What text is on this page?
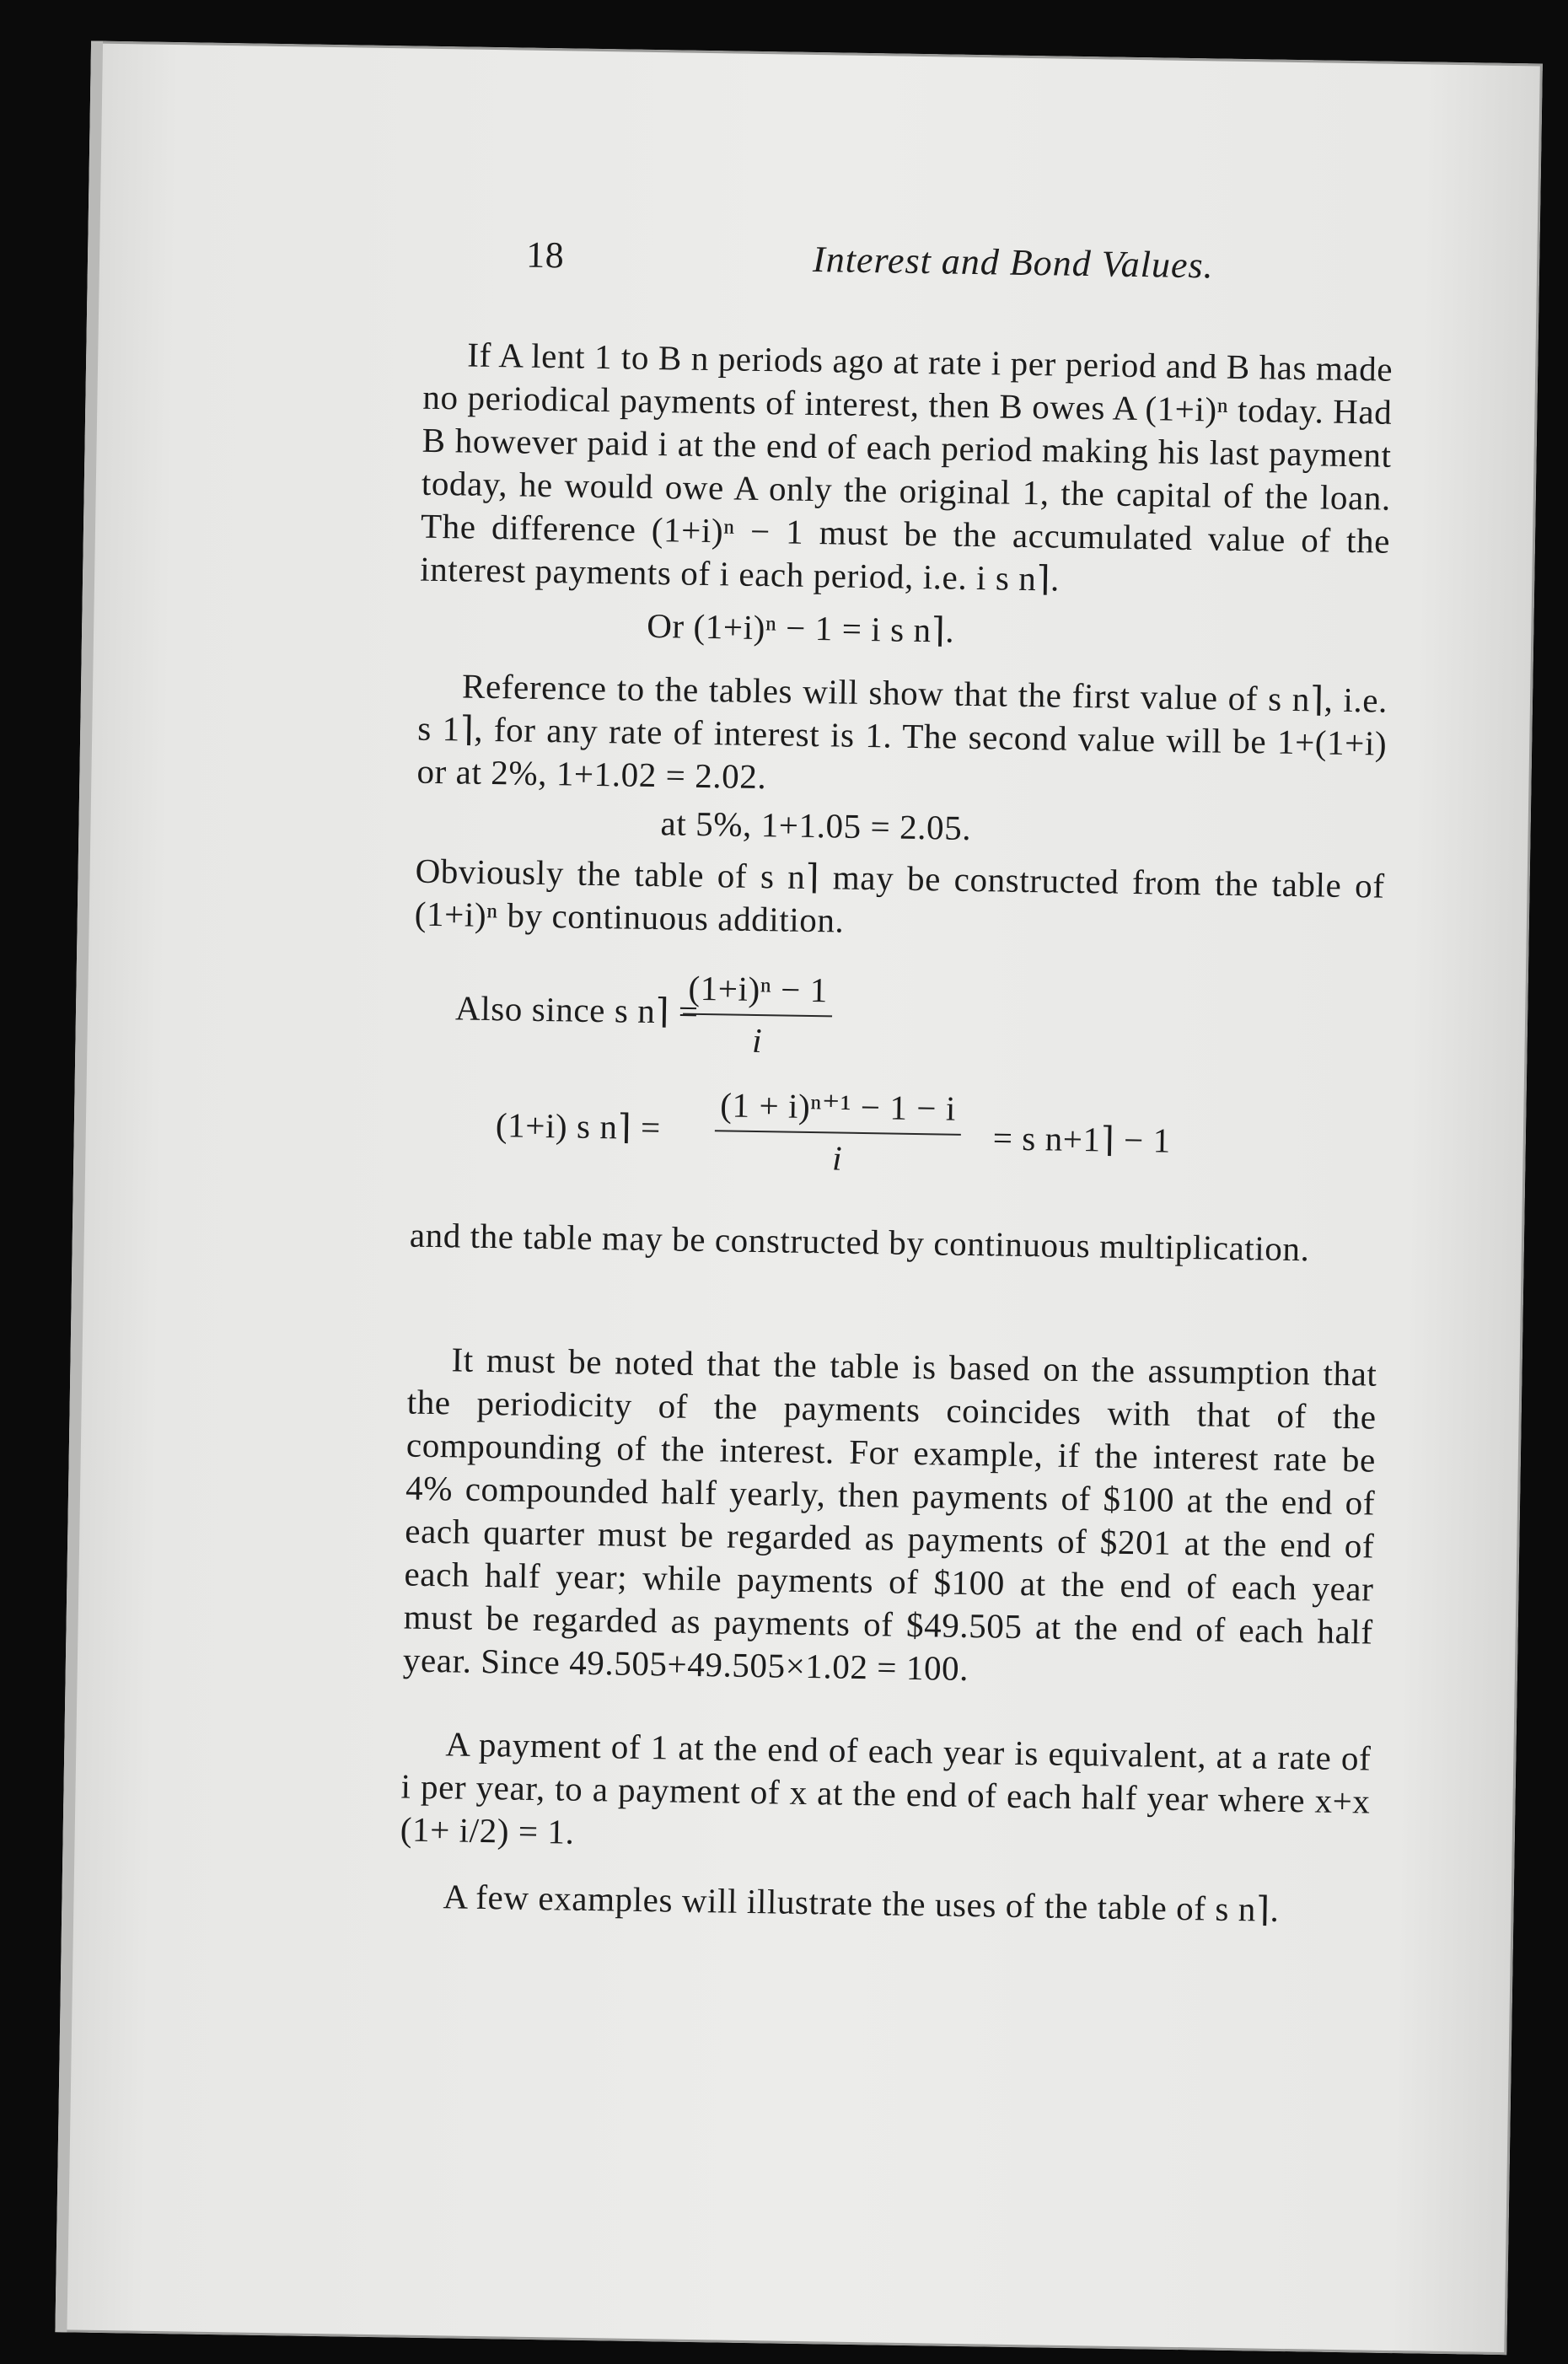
18	Interest and Bond Values.

If A lent 1 to B n periods ago at rate i per period and B has made no periodical payments of interest, then B owes A (1+i)ⁿ today. Had B however paid i at the end of each period making his last payment today, he would owe A only the original 1, the capital of the loan. The difference (1+i)ⁿ − 1 must be the accumulated value of the interest payments of i each period, i.e. i s n⌉.

Or (1+i)ⁿ − 1 = i s n⌉.

Reference to the tables will show that the first value of s n⌉, i.e. s 1⌉, for any rate of interest is 1. The second value will be 1+(1+i) or at 2%, 1+1.02 = 2.02.

at 5%, 1+1.05 = 2.05.

Obviously the table of s n⌉ may be constructed from the table of (1+i)ⁿ by continuous addition.

Also since s n⌉ =
$\frac{\text{(1+i)ⁿ − 1}}{i}$
(1+i) s n⌉ = $\frac{\text{(1 + i)ⁿ⁺¹ − 1 − i}}{i} = s$ n+1⌉ − 1

and the table may be constructed by continuous multiplication.

It must be noted that the table is based on the assumption that the periodicity of the payments coincides with that of the compounding of the interest. For example, if the interest rate be 4% compounded half yearly, then payments of $100 at the end of each quarter must be regarded as payments of $201 at the end of each half year; while payments of $100 at the end of each year must be regarded as payments of $49.505 at the end of each half year. Since 49.505+49.505×1.02 = 100.

A payment of 1 at the end of each year is equivalent, at a rate of i per year, to a payment of x at the end of each half year where x+x (1+ i/2) = 1.

A few examples will illustrate the uses of the table of s n⌉.
